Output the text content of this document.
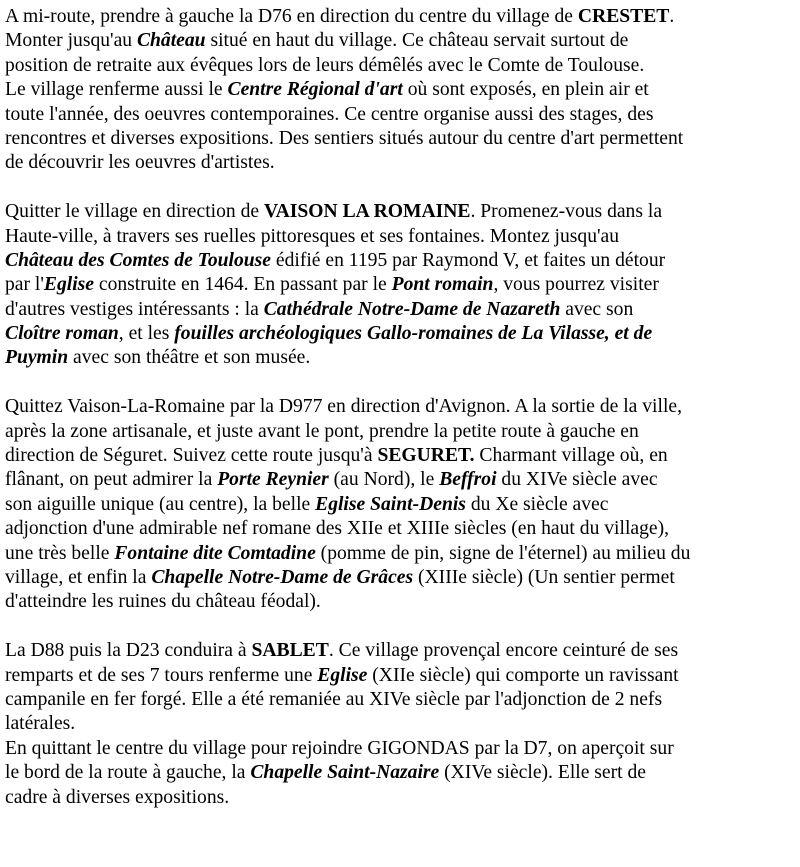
A mi-route, prendre à gauche la D76 en direction du centre du village de CRESTET.
Monter jusqu'au Château situé en haut du village. Ce château servait surtout de
position de retraite aux évêques lors de leurs démêlés avec le Comte de Toulouse.
Le village renferme aussi le Centre Régional d'art où sont exposés, en plein air et
toute l'année, des oeuvres contemporaines. Ce centre organise aussi des stages, des
rencontres et diverses expositions. Des sentiers situés autour du centre d'art permettent
de découvrir les oeuvres d'artistes.
Quitter le village en direction de VAISON LA ROMAINE. Promenez-vous dans la
Haute-ville, à travers ses ruelles pittoresques et ses fontaines. Montez jusqu'au
Château des Comtes de Toulouse édifié en 1195 par Raymond V, et faites un détour
par l'Eglise construite en 1464. En passant par le Pont romain, vous pourrez visiter
d'autres vestiges intéressants : la Cathédrale Notre-Dame de Nazareth avec son
Cloître roman, et les fouilles archéologiques Gallo-romaines de La Vilasse, et de
Puymin avec son théâtre et son musée.
Quittez Vaison-La-Romaine par la D977 en direction d'Avignon. A la sortie de la ville,
après la zone artisanale, et juste avant le pont, prendre la petite route à gauche en
direction de Séguret. Suivez cette route jusqu'à SEGURET. Charmant village où, en
flânant, on peut admirer la Porte Reynier (au Nord), le Beffroi du XIVe siècle avec
son aiguille unique (au centre), la belle Eglise Saint-Denis du Xe siècle avec
adjonction d'une admirable nef romane des XIIe et XIIIe siècles (en haut du village),
une très belle Fontaine dite Comtadine (pomme de pin, signe de l'éternel) au milieu du
village, et enfin la Chapelle Notre-Dame de Grâces (XIIIe siècle) (Un sentier permet
d'atteindre les ruines du château féodal).
La D88 puis la D23 conduira à SABLET. Ce village provençal encore ceinturé de ses
remparts et de ses 7 tours renferme une Eglise (XIIe siècle) qui comporte un ravissant
campanile en fer forgé. Elle a été remaniée au XIVe siècle par l'adjonction de 2 nefs
latérales.
En quittant le centre du village pour rejoindre GIGONDAS par la D7, on aperçoit sur
le bord de la route à gauche, la Chapelle Saint-Nazaire (XIVe siècle). Elle sert de
cadre à diverses expositions.
